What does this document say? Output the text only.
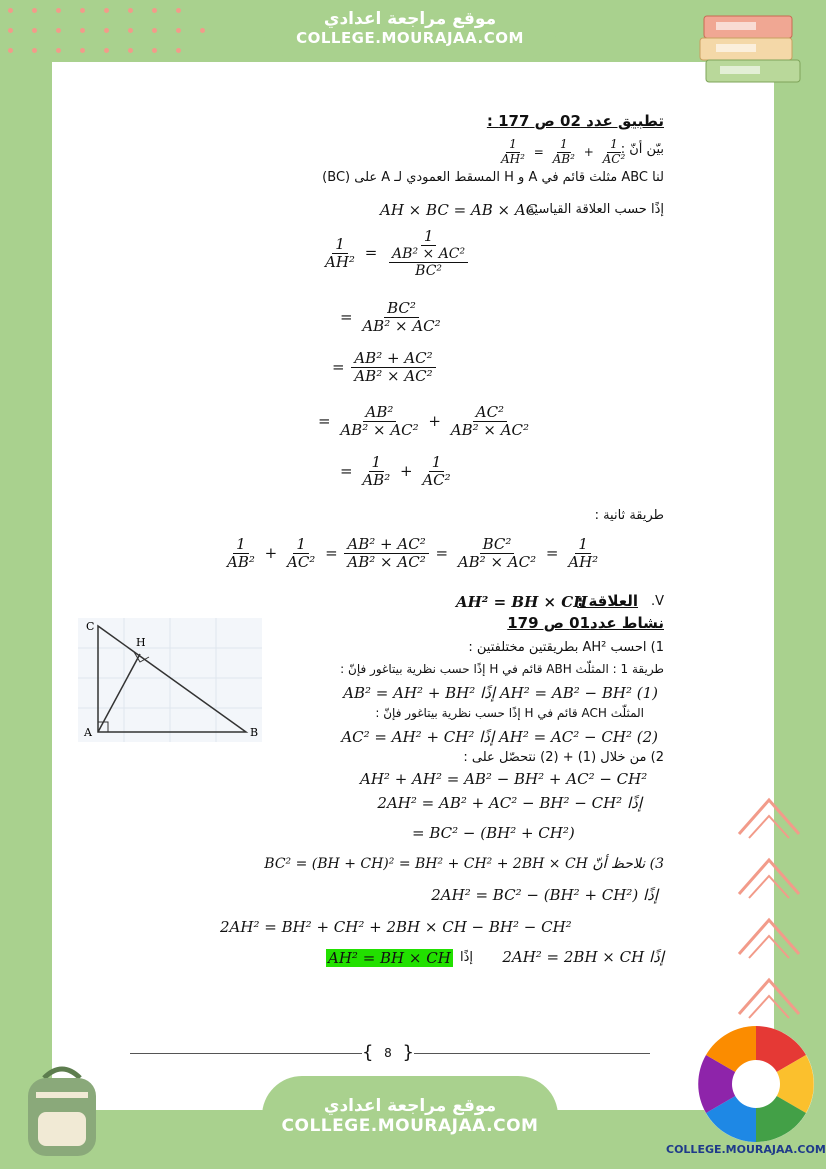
موقع مراجعة اعدادي
COLLEGE.MOURAJAA.COM
تطبيق عدد 02 ص 177 :
$\frac{1}{\text{AH²}} = \frac{1}{\text{AB²}} + \frac{1}{\text{AC²}}$
بيّن أنّ :
لنا ABC مثلث قائم في A و H المسقط العمودي لـ A على (BC)
AH × BC = AB × AC
إذًا حسب العلاقة القياسية
$\frac{1}{\text{AH²}} = \frac{1}{\frac{\text{AB² × AC²}}{\text{BC²}}}$
= $\frac{\text{BC²}}{\text{AB² × AC²}}$
= $\frac{\text{AB² + AC²}}{\text{AB² × AC²}}$
= $\frac{\text{AB²}}{\text{AB² × AC²}} + \frac{\text{AC²}}{\text{AB² × AC²}}$
= $\frac{1}{\text{AB²}} + \frac{1}{\text{AC²}}$
طريقة ثانية :
$\frac{1}{\text{AB²}} + \frac{1}{\text{AC²}} = \frac{\text{AB² + AC²}}{\text{AB² × AC²}} = \frac{\text{BC²}}{\text{AB² × AC²}} = \frac{1}{\text{AH²}}$
AH² = BH × CH
العلاقة : V.
نشاط عدد01 ص 179
C
H
A	B
1) احسب AH² بطريقتين مختلفتين :
طريقة 1 : المثلّث ABH قائم في H إذًا حسب نظرية بيتاغور فإنّ :
(1) AH² = AB² − BH² إذًا AB² = AH² + BH²
المثلّث ACH قائم في H إذًا حسب نظرية بيتاغور فإنّ :
(2) AH² = AC² − CH² إذًا AC² = AH² + CH²
2) من خلال (1) + (2) نتحصّل على :
AH² + AH² = AB² − BH² + AC² − CH²
إذًا 2AH² = AB² + AC² − BH² − CH²
= BC² − (BH² + CH²)
3) نلاحظ أنّ BC² = (BH + CH)² = BH² + CH² + 2BH × CH
إذًا 2AH² = BC² − (BH² + CH²)
2AH² = BH² + CH² + 2BH × CH − BH² − CH²
AH² = BH × CH إذًا إذًا 2AH² = 2BH × CH
{ 8 }
COLLEGE.MOURAJAA.COM
موقع مراجعة اعدادي
COLLEGE.MOURAJAA.COM
